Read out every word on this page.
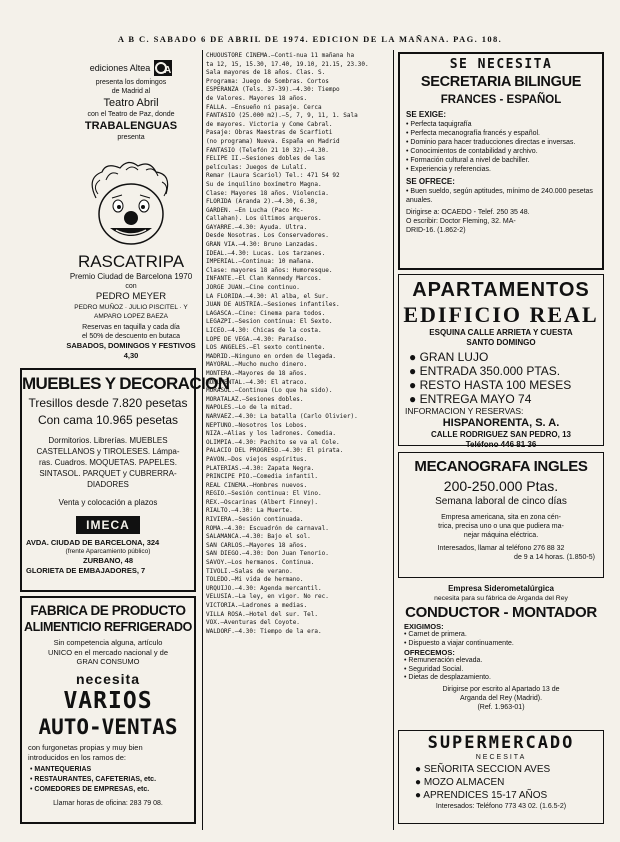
A B C. SABADO 6 DE ABRIL DE 1974. EDICION DE LA MAÑANA. PAG. 108.
ediciones Altea A
presenta los domingos
de Madrid al
Teatro Abril
con el Teatro de Paz, donde
TRABALENGUAS
presenta
RASCATRIPA
Premio Ciudad de Barcelona 1970
con
PEDRO MEYER
PEDRO MUÑOZ · JULIO PISCITEL · Y AMPARO LOPEZ BAEZA
Reservas en taquilla y cada día
el 50% de descuento en butaca
SABADOS, DOMINGOS Y FESTIVOS 4,30
MUEBLES Y DECORACION
Tresillos desde 7.820 pesetas
Con cama 10.965 pesetas
Dormitorios. Librerías. MUEBLES
CASTELLANOS y TIROLESES. Lámpa-
ras. Cuadros. MOQUETAS. PAPELES.
SINTASOL. PARQUET y CUBRERRA-
DIADORES
Venta y colocación a plazos
IMECA
AVDA. CIUDAD DE BARCELONA, 324
(frente Aparcamiento público)
ZURBANO, 48
GLORIETA DE EMBAJADORES, 7
FABRICA DE PRODUCTO
ALIMENTICIO REFRIGERADO
Sin competencia alguna, artículo
UNICO en el mercado nacional y de
GRAN CONSUMO
necesita
VARIOS
AUTO-VENTAS
con furgonetas propias y muy bien
introducidos en los ramos de:
• MANTEQUERIAS
• RESTAURANTES, CAFETERIAS, etc.
• COMEDORES DE EMPRESAS, etc.
Llamar horas de oficina: 283 79 08.
CHUOUSTORE CINEMA.—Conti-nua 11 mañana ha
ta 12, 15, 15.30, 17.40, 19.10, 21.15, 23.30.
Sala mayores de 18 años. Clas. S.
Programa: Juego de Sombras. Cortos
ESPERANZA (Tels. 37-39).—4.30: Tiempo
de Valores. Mayores 18 años.
FALLA. —Ensueño ni pasaje. Cerca
FANTASIO (25.000 m2).—5, 7, 9, 11, 1. Sala
de mayores. Victoria y Come Cabral.
Pasaje: Obras Maestras de Scarfioti
(no programa) Nueva. España en Madrid
FANTASIO (Telefón 21 10 32).—4.30.
FELIPE II.—Sesiones dobles de las
películas: Juegos de Lulalí.
Remar (Laura Scariol) Tel.: 471 54 92
Su de inquilino boxímetro Magna.
Clase: Mayores 18 años. Violencia.
FLORIDA (Aranda 2).—4.30, 6.30,
GARDEN. —En Lucha (Paco Mc-
Callahan). Los últimos arqueros.
GAYARRE.—4.30: Ayuda. Ultra.
Desde Nosotras. Los Conservadores.
GRAN VIA.—4.30: Bruno Lanzadas.
IDEAL.—4.30: Lucas. Los tarzanes.
IMPERIAL.—Continua: 10 mañana.
Clase: mayores 18 años: Humoresque.
INFANTE.—El Clan Kennedy Marcos.
JORGE JUAN.—Cine continuo.
LA FLORIDA.—4.30: Al alba, el Sur.
JUAN DE AUSTRIA.—Sesiones infantiles.
LAGASCA.—Cine: Cinema para todos.
LEGAZPI.—Sesion contínua: El Sexto.
LICEO.—4.30: Chicas de la costa.
LOPE DE VEGA.—4.30: Paraíso.
LOS ANGELES.—El sexto continente.
MADRID.—Ninguno en orden de llegada.
MAYORAL.—Mucho mucho dinero.
MONTERA.—Mayores de 18 años.
MONUMENTAL.—4.30: El atraco.
MORASOL.—Continua (Lo que ha sido).
MORATALAZ.—Sesiones dobles.
NAPOLES.—Lo de la mitad.
NARVAEZ.—4.30: La batalla (Carlo Olivier).
NEPTUNO.—Nosotros los Lobos.
NIZA.—Alias y los ladrones. Comedia.
OLIMPIA.—4.30: Pachito se va al Cole.
PALACIO DEL PROGRESO.—4.30: El pirata.
PAVON.—Dos viejos espíritus.
PLATERIAS.—4.30: Zapata Negra.
PRINCIPE PIO.—Comedia infantil.
REAL CINEMA.—Hombres nuevos.
REGIO.—Sesión continua: El Vino.
REX.—Oscarinas (Albert Finney).
RIALTO.—4.30: La Muerte.
RIVIERA.—Sesión continuada.
ROMA.—4.30: Escuadrón de carnaval.
SALAMANCA.—4.30: Bajo el sol.
SAN CARLOS.—Mayores 18 años.
SAN DIEGO.—4.30: Don Juan Tenorio.
SAVOY.—Los hermanos. Continua.
TIVOLI.—Salas de verano.
TOLEDO.—Mi vida de hermano.
URQUIJO.—4.30: Agenda mercantil.
VELUSIA.—La ley, en vigor. No rec.
VICTORIA.—Ladrones a medias.
VILLA ROSA.—Hotel del sur. Tel.
VOX.—Aventuras del Coyote.
WALDORF.—4.30: Tiempo de la era.
SE NECESITA
SECRETARIA BILINGUE
FRANCES - ESPAÑOL
SE EXIGE:
• Perfecta taquigrafía
• Perfecta mecanografía francés y español.
• Dominio para hacer traducciones directas e inversas.
• Conocimientos de contabilidad y archivo.
• Formación cultural a nivel de bachiller.
• Experiencia y referencias.
SE OFRECE:
• Buen sueldo, según aptitudes, mínimo de 240.000 pesetas anuales.
Dirigirse a: OCAEDO - Telef. 250 35 48.
O escribir: Doctor Fleming, 32. MA-
DRID-16. (1.862-2)
APARTAMENTOS
EDIFICIO REAL
ESQUINA CALLE ARRIETA Y CUESTA
SANTO DOMINGO
● GRAN LUJO
● ENTRADA 350.000 PTAS.
● RESTO HASTA 100 MESES
● ENTREGA MAYO 74
INFORMACION Y RESERVAS:
HISPANORENTA, S. A.
CALLE RODRIGUEZ SAN PEDRO, 13
Teléfono 446 81 36
MECANOGRAFA INGLES
200-250.000 Ptas.
Semana laboral de cinco días
Empresa americana, sita en zona cén-
trica, precisa uno o una que pudiera ma-
nejar máquina eléctrica.
Interesados, llamar al teléfono 276 88 32
de 9 a 14 horas. (1.850-5)
Empresa Siderometalúrgica
necesita para su fábrica de Arganda del Rey
CONDUCTOR - MONTADOR
EXIGIMOS:
• Carnet de primera.
• Dispuesto a viajar continuamente.
OFRECEMOS:
• Remuneración elevada.
• Seguridad Social.
• Dietas de desplazamiento.
Dirigirse por escrito al Apartado 13 de
Arganda del Rey (Madrid).
(Ref. 1.963-01)
SUPERMERCADO
NECESITA
● SEÑORITA SECCION AVES
● MOZO ALMACEN
● APRENDICES 15-17 AÑOS
Interesados: Teléfono 773 43 02. (1.6.5-2)
